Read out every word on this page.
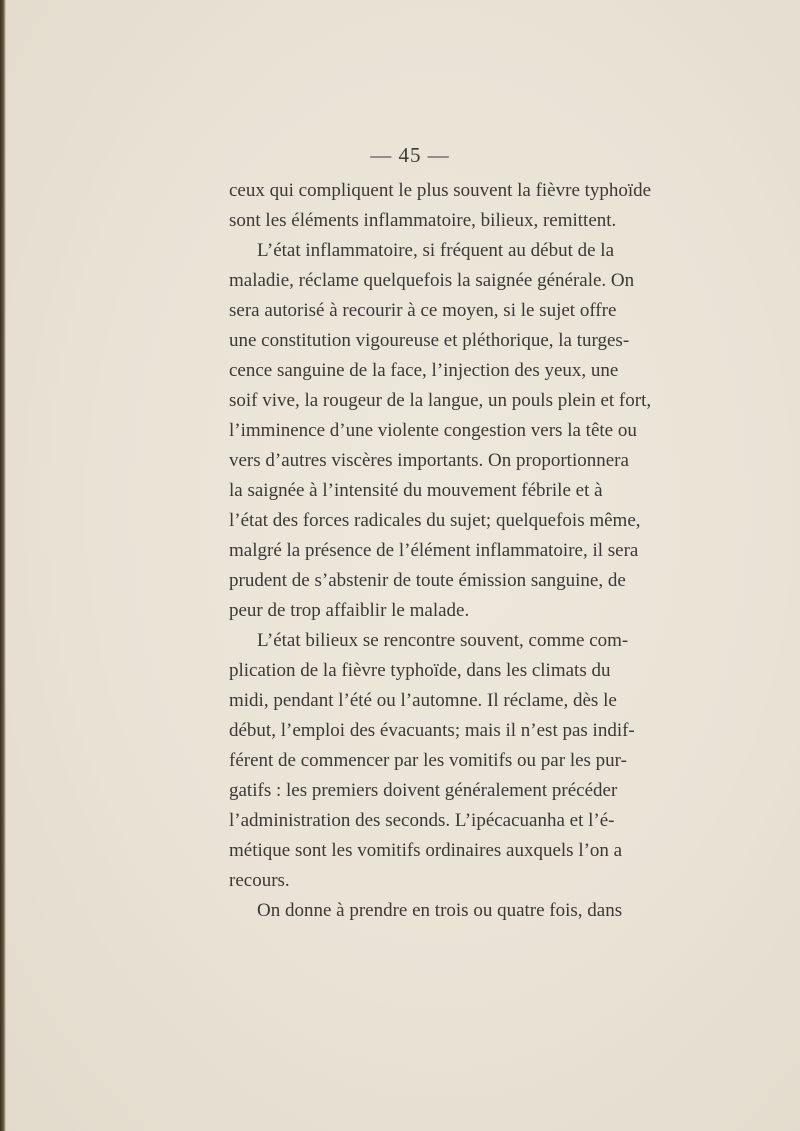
— 45 —
ceux qui compliquent le plus souvent la fièvre typhoïde
sont les éléments inflammatoire, bilieux, remittent.
L’état inflammatoire, si fréquent au début de la
maladie, réclame quelquefois la saignée générale. On
sera autorisé à recourir à ce moyen, si le sujet offre
une constitution vigoureuse et pléthorique, la turges-
cence sanguine de la face, l’injection des yeux, une
soif vive, la rougeur de la langue, un pouls plein et fort,
l’imminence d’une violente congestion vers la tête ou
vers d’autres viscères importants. On proportionnera
la saignée à l’intensité du mouvement fébrile et à
l’état des forces radicales du sujet; quelquefois même,
malgré la présence de l’élément inflammatoire, il sera
prudent de s’abstenir de toute émission sanguine, de
peur de trop affaiblir le malade.
L’état bilieux se rencontre souvent, comme com-
plication de la fièvre typhoïde, dans les climats du
midi, pendant l’été ou l’automne. Il réclame, dès le
début, l’emploi des évacuants; mais il n’est pas indif-
férent de commencer par les vomitifs ou par les pur-
gatifs : les premiers doivent généralement précéder
l’administration des seconds. L’ipécacuanha et l’é-
métique sont les vomitifs ordinaires auxquels l’on a
recours.
On donne à prendre en trois ou quatre fois, dans
